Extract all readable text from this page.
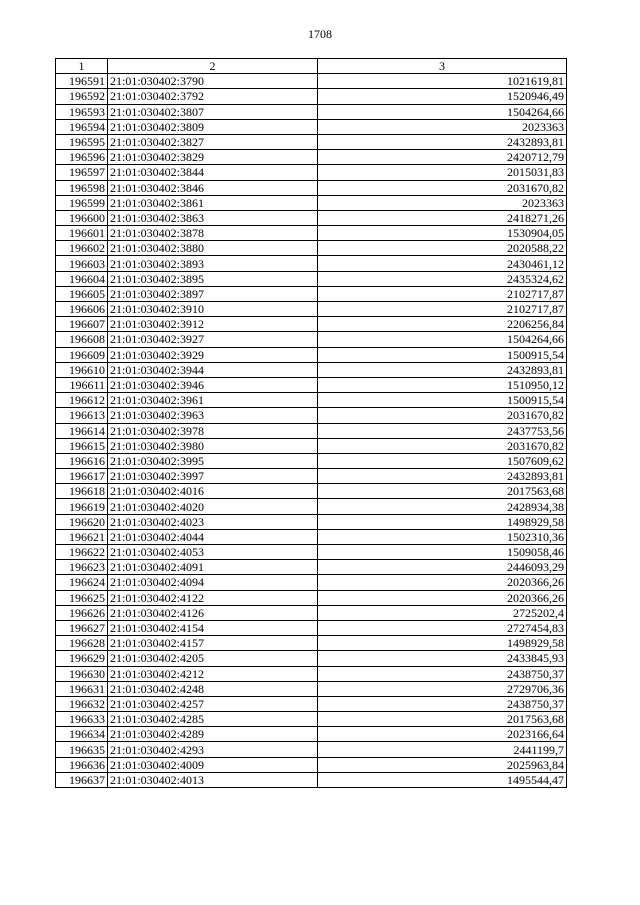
1708
1	2	3
196591	21:01:030402:3790	1021619,81
196592	21:01:030402:3792	1520946,49
196593	21:01:030402:3807	1504264,66
196594	21:01:030402:3809	2023363
196595	21:01:030402:3827	2432893,81
196596	21:01:030402:3829	2420712,79
196597	21:01:030402:3844	2015031,83
196598	21:01:030402:3846	2031670,82
196599	21:01:030402:3861	2023363
196600	21:01:030402:3863	2418271,26
196601	21:01:030402:3878	1530904,05
196602	21:01:030402:3880	2020588,22
196603	21:01:030402:3893	2430461,12
196604	21:01:030402:3895	2435324,62
196605	21:01:030402:3897	2102717,87
196606	21:01:030402:3910	2102717,87
196607	21:01:030402:3912	2206256,84
196608	21:01:030402:3927	1504264,66
196609	21:01:030402:3929	1500915,54
196610	21:01:030402:3944	2432893,81
196611	21:01:030402:3946	1510950,12
196612	21:01:030402:3961	1500915,54
196613	21:01:030402:3963	2031670,82
196614	21:01:030402:3978	2437753,56
196615	21:01:030402:3980	2031670,82
196616	21:01:030402:3995	1507609,62
196617	21:01:030402:3997	2432893,81
196618	21:01:030402:4016	2017563,68
196619	21:01:030402:4020	2428934,38
196620	21:01:030402:4023	1498929,58
196621	21:01:030402:4044	1502310,36
196622	21:01:030402:4053	1509058,46
196623	21:01:030402:4091	2446093,29
196624	21:01:030402:4094	2020366,26
196625	21:01:030402:4122	2020366,26
196626	21:01:030402:4126	2725202,4
196627	21:01:030402:4154	2727454,83
196628	21:01:030402:4157	1498929,58
196629	21:01:030402:4205	2433845,93
196630	21:01:030402:4212	2438750,37
196631	21:01:030402:4248	2729706,36
196632	21:01:030402:4257	2438750,37
196633	21:01:030402:4285	2017563,68
196634	21:01:030402:4289	2023166,64
196635	21:01:030402:4293	2441199,7
196636	21:01:030402:4009	2025963,84
196637	21:01:030402:4013	1495544,47
